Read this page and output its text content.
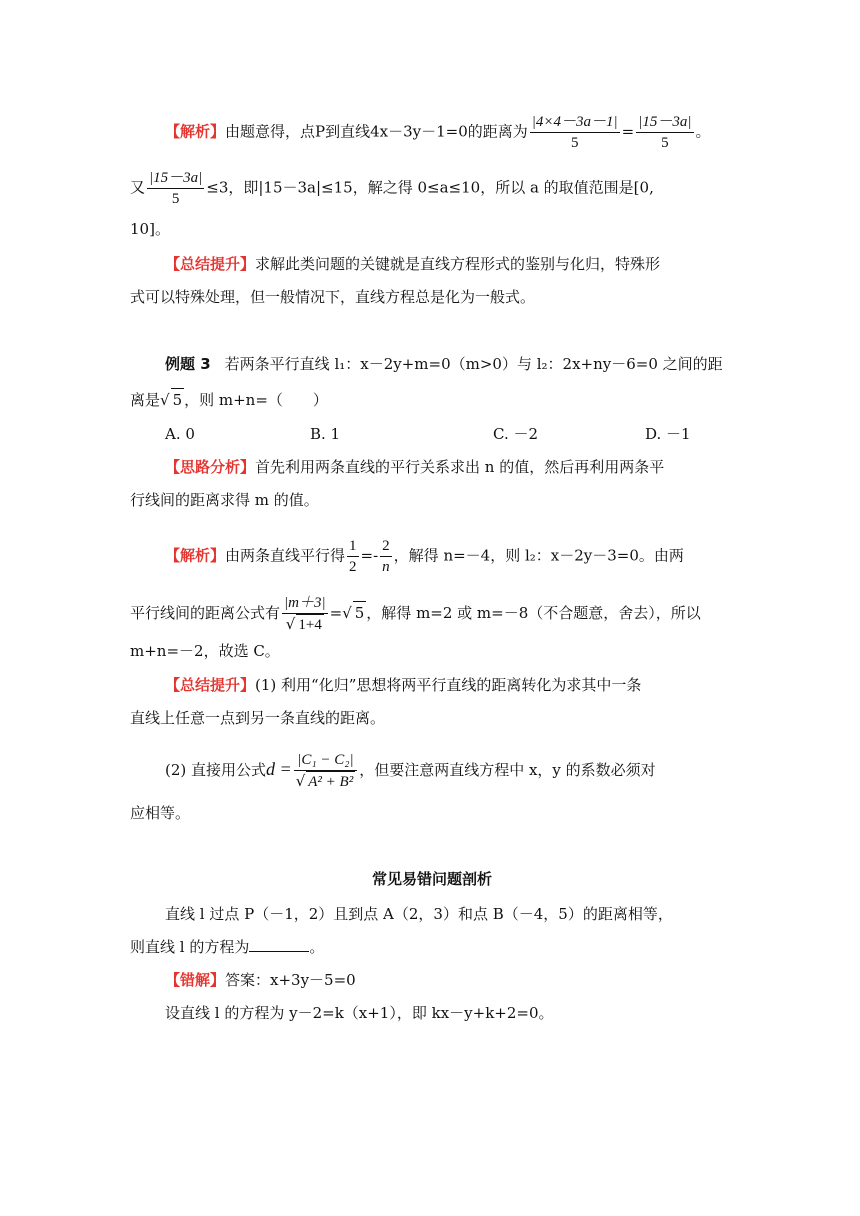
【解析】由题意得，点P到直线4x－3y－1=0的距离为 $\frac{|4\times 4-3a-1|}{5} = \frac{|15-3a|}{5}$ 。
又 $\frac{|15-3a|}{5} \le 3$，即|15－3a|≤15，解之得 0≤a≤10，所以 a 的取值范围是[0,
10]。
【总结提升】求解此类问题的关键就是直线方程形式的鉴别与化归，特殊形
式可以特殊处理，但一般情况下，直线方程总是化为一般式。
例题 3 若两条平行直线 l₁：x－2y+m=0（m>0）与 l₂：2x+ny－6=0 之间的距
离是√ 5 ，则 m+n=（　　）
A. 0	B. 1	C. －2	D. －1
【思路分析】首先利用两条直线的平行关系求出 n 的值，然后再利用两条平
行线间的距离求得 m 的值。
【解析】由两条直线平行得 $\frac{1}{2} =- \frac{2}{n}$ ，解得 n=－4，则 l₂：x－2y－3=0。由两
平行线间的距离公式有 $\frac{|m+3|}{√ 1+4}$ =√ 5 ，解得 m=2 或 m=－8（不合题意，舍去），所以
m+n=－2，故选 C。
【总结提升】(1) 利用“化归”思想将两平行直线的距离转化为求其中一条
直线上任意一点到另一条直线的距离。
(2) 直接用公式$d = \frac{\text{|C₁ − C₂|}}{\text{√ A² + B²}}$ ，但要注意两直线方程中 x，y 的系数必须对
应相等。
常见易错问题剖析
直线 l 过点 P（－1，2）且到点 A（2，3）和点 B（－4，5）的距离相等，
则直线 l 的方程为	。
【错解】答案：x+3y－5=0
设直线 l 的方程为 y－2=k（x+1），即 kx－y+k+2=0。
